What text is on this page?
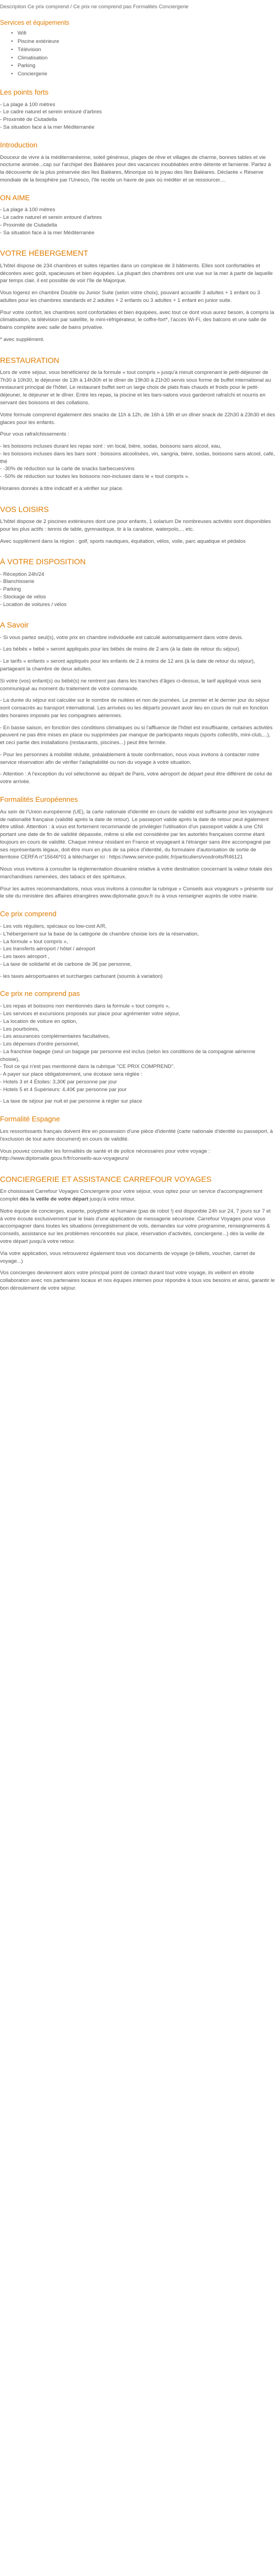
Description Ce prix comprend / Ce prix ne comprend pas Formalités Conciergerie
Services et équipements
• Wifi
• Piscine extérieure
• Télévision
• Climatisation
• Parking
• Conciergerie
Les points forts
- La plage à 100 mètres
- Le cadre naturel et serein entouré d'arbres
- Proximité de Ciutadella
- Sa situation face à la mer Méditerranée
Introduction

Douceur de vivre à la méditerranéenne, soleil généreux, plages de rêve et villages de charme, bonnes tables et vie nocturne animée...cap sur l'archipel des Baléares pour des vacances inoubliables entre détente et farniente. Partez à la découverte de la plus préservée des îles Baléares, Minorque où le joyau des îles Baléares. Déclarée « Réserve mondiale de la biosphère par l'Unesco, l'île recèle un havre de paix où méditer et se ressourcer....

ON AIME
- La plage à 100 mètres
- Le cadre naturel et serein entouré d'arbres
- Proximité de Ciutadella
- Sa situation face à la mer Méditerranée
VOTRE HÉBERGEMENT

L'hôtel dispose de 234 chambres et suites réparties dans un complexe de 3 bâtiments. Elles sont confortables et décorées avec goût, spacieuses et bien équipées. La plupart des chambres ont une vue sur la mer à partir de laquelle par temps clair, il est possible de voir l'île de Majorque.

Vous logerez en chambre Double ou Junior Suite (selon votre choix), pouvant accueillir 3 adultes + 1 enfant ou 3 adultes pour les chambres standards et 2 adultes + 2 enfants ou 3 adultes + 1 enfant en junior suite.

Pour votre confort, les chambres sont confortables et bien équipées, avec tout ce dont vous aurez besoin, à compris la climatisation, la télévision par satellite, le mini-réfrigérateur, le coffre-fort*, l'accès Wi-Fi, des balcons et une salle de bains complète avec salle de bains privative.

* avec supplément.

RESTAURATION

Lors de votre séjour, vous bénéficierez de la formule « tout compris » jusqu'à minuit comprenant le petit-déjeuner de 7h30 à 10h30, le déjeuner de 13h à 14h30h et le dîner de 19h30 à 21h30 servis sous forme de buffet international au restaurant principal de l'hôtel. Le restaurant buffet sert un large choix de plats frais chauds et froids pour le petit-déjeuner, le déjeuner et le dîner. Entre les repas, la piscine et les bars-salons vous garderont rafraîchi et nourris en servant des boissons et des collations.

Votre formule comprend également des snacks de 11h à 12h, de 16h à 18h et un dîner snack de 22h30 à 23h30 et des glaces pour les enfants.

Pour vous rafraîchissements :

- les boissons incluses durant les repas sont : vin local, bière, sodas, boissons sans alcool, eau,
- les boissons incluses dans les bars sont : boissons alcoolisées, vin, sangria, bière, sodas, boissons sans alcool, café, thé
- -30% de réduction sur la carte de snacks barbecues/vins
- -50% de réduction sur toutes les boissons non-incluses dans le « tout compris ».

Horaires donnés à titre indicatif et à vérifier sur place.

VOS LOISIRS

L'hôtel dispose de 2 piscines extérieures dont une pour enfants, 1 solarium De nombreuses activités sont disponibles pour les plus actifs : tennis de table, gymnastique, tir à la carabine, waterpolo,... etc.

Avec supplément dans la région : golf, sports nautiques, équitation, vélos, voile, parc aquatique et pédalos

À VOTRE DISPOSITION
- Réception 24h/24
- Blanchisserie
- Parking
- Stockage de vélos
- Location de voitures / vélos
A Savoir

- Si vous partez seul(s), votre prix en chambre individuelle est calculé automatiquement dans votre devis.

- Les bébés « bébé » seront appliqués pour les bébés de moins de 2 ans (à la date de retour du séjour).

- Le tarifs « enfants » seront appliqués pour les enfants de 2 à moins de 12 ans (à la date de retour du séjour), partageant la chambre de deux adultes.

Si votre (vos) enfant(s) ou bébé(s) ne rentrent pas dans les tranches d'âges ci-dessus, le tarif appliqué vous sera communiqué au moment du traitement de votre commande.

- La durée du séjour est calculée sur le nombre de nuitées et non de journées. Le premier et le dernier jour du séjour sont consacrés au transport international. Les arrivées ou les départs pouvant avoir lieu en cours de nuit en fonction des horaires imposés par les compagnies aériennes.

- En basse saison, en fonction des conditions climatiques ou si l'affluence de l'hôtel est insuffisante, certaines activités peuvent ne pas être mises en place ou supprimées par manque de participants requis (sports collectifs, mini-club,...), et ceci partie des installations (restaurants, piscines...) peut être fermée.

- Pour les personnes à mobilité réduite, préalablement à toute confirmation, nous vous invitons à contacter notre service réservation afin de vérifier l'adaptabilité ou non du voyage à votre situation.

- Attention : A l'exception du vol sélectionné au départ de Paris, votre aéroport de départ peut être différent de celui de votre arrivée.

Formalités Européennes

Au sein de l'Union européenne (UE), la carte nationale d'identité en cours de validité est suffisante pour les voyageurs de nationalité française (validité après la date de retour). Le passeport valide après la date de retour peut également être utilisé. Attention : à vous est fortement recommandé de privilégier l'utilisation d'un passeport valide à une CNI portant une date de fin de validité dépassée, même si elle est considérée par les autorités françaises comme étant toujours en cours de validité. Chaque mineur résidant en France et voyageant à l'étranger sans être accompagné par ses représentants légaux, doit être muni en plus de sa pièce d'identité, du formulaire d'autorisation de sortie de territoire CERFA n°15646*01 à télécharger ici : https://www.service-public.fr/particuliers/vosdroits/R46121

Nous vous invitons à consulter la réglementation douanière relative à votre destination concernant la valeur totale des marchandises ramenées, des tabacs et des spiritueux.

Pour les autres recommandations, nous vous invitons à consulter la rubrique « Conseils aux voyageurs » présente sur le site du ministère des affaires étrangères www.diplomatie.gouv.fr ou à vous renseigner auprès de votre mairie.

Ce prix comprend
- Les vols réguliers, spéciaux ou low-cost A/R,
- L'hébergement sur la base de la catégorie de chambre choisie lors de la réservation,
- La formule « tout compris »,
- Les transferts aéroport / hôtel / aéroport
- Les taxes aéroport ,
- La taxe de solidarité et de carbone de 3€ par personne,

- les taxes aéroportuaires et surcharges carburant (soumis à variation)

Ce prix ne comprend pas
- Les repas et boissons non mentionnés dans la formule « tout compris »,
- Les services et excursions proposés sur place pour agrémenter votre séjour,
- La location de voiture en option,
- Les pourboires,
- Les assurances complémentaires facultatives,
- Les dépenses d'ordre personnel,
- La franchise bagage (seul un bagage par personne est inclus (selon les conditions de la compagnie aérienne choisie),
- Tout ce qui n'est pas mentionné dans la rubrique "CE PRIX COMPREND".
- A payer sur place obligatoirement, une écotaxe sera réglée :
- Hotels 3 et 4 Étoiles: 3,30€ par personne par jour
- Hotels 5 et 4 Supérieurs: 4,40€ par personne par jour

- La taxe de séjour par nuit et par personne à régler sur place

Formalité Espagne

Les ressortissants français doivent être en possession d'une pièce d'identité (carte nationale d'identité ou passeport, à l'exclusion de tout autre document) en cours de validité.

Vous pouvez consulter les formalités de santé et de police nécessaires pour votre voyage : http://www.diplomatie.gouv.fr/fr/conseils-aux-voyageurs/

CONCIERGERIE ET ASSISTANCE CARREFOUR VOYAGES

En choisissant Carrefour Voyages Conciergerie pour votre séjour, vous optez pour un service d'accompagnement complet dès la veille de votre départ jusqu'à votre retour.

Notre équipe de concierges, experte, polyglotte et humaine (pas de robot !) est disponible 24h sur 24, 7 jours sur 7 et à votre écoute exclusivement par le biais d'une application de messagerie sécurisée. Carrefour Voyages pour vous accompagner dans toutes les situations (enregistrement de vols, demandes sur votre programme, renseignements & conseils, assistance sur les problèmes rencontrés sur place, réservation d'activités, conciergerie...) dès la veille de votre départ jusqu'à votre retour.

Via votre application, vous retrouverez également tous vos documents de voyage (e-billets, voucher, carnet de voyage...)

Vos concierges deviennent alors votre principal point de contact durant tout votre voyage, ils veillent en étroite collaboration avec nos partenaires locaux et nos équipes internes pour répondre à tous vos besoins et ainsi, garantir le bon déroulement de votre séjour.
